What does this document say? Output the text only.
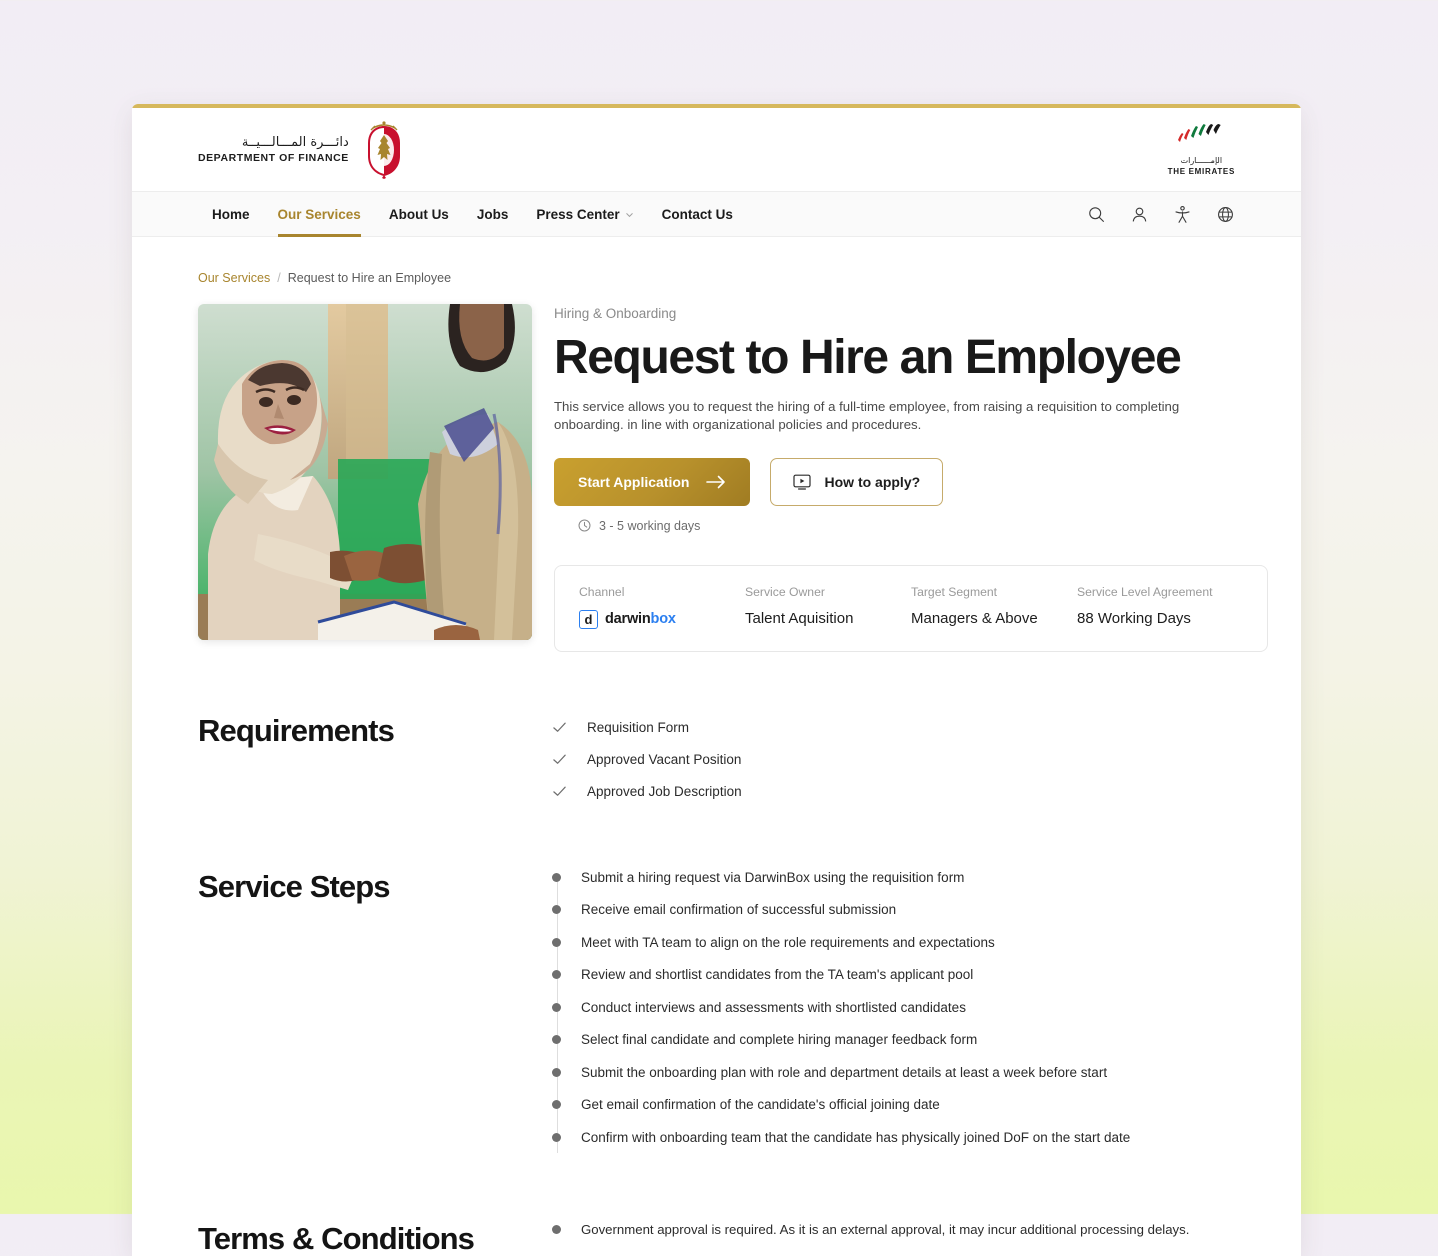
دائـــرة المـــالـــيــة
DEPARTMENT OF FINANCE	الإمــــــارات
THE EMIRATES
Home Our Services About Us Jobs Press Center	Contact Us
Our Services / Request to Hire an Employee
Hiring & Onboarding
Request to Hire an Employee

This service allows you to request the hiring of a full-time employee, from raising a requisition to completing onboarding. in line with organizational policies and procedures.

Start Application
3 - 5 working days
How to apply?
Channel
d darwinbox
Service Owner
Talent Aquisition
Target Segment
Managers & Above
Service Level Agreement
88 Working Days
Requirements	Requisition Form
Approved Vacant Position
Approved Job Description
Service Steps	Submit a hiring request via DarwinBox using the requisition form
Receive email confirmation of successful submission
Meet with TA team to align on the role requirements and expectations
Review and shortlist candidates from the TA team's applicant pool
Conduct interviews and assessments with shortlisted candidates
Select final candidate and complete hiring manager feedback form
Submit the onboarding plan with role and department details at least a week before start
Get email confirmation of the candidate's official joining date
Confirm with onboarding team that the candidate has physically joined DoF on the start date
Terms & Conditions	Government approval is required. As it is an external approval, it may incur additional processing delays.
